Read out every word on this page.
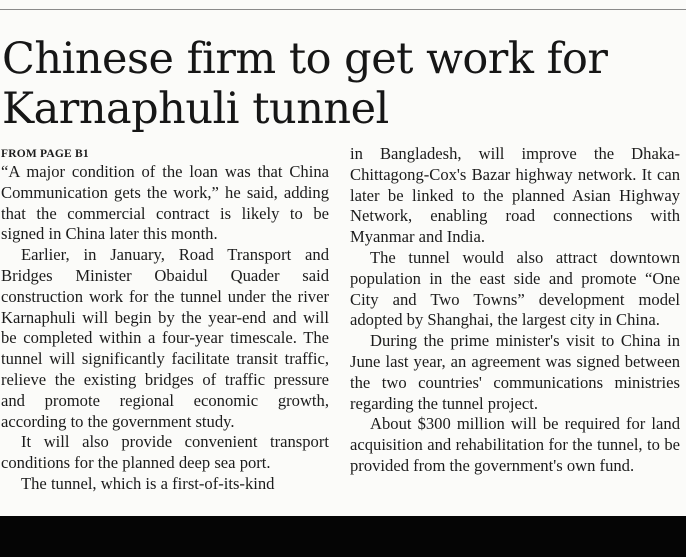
Chinese firm to get work for Karnaphuli tunnel
FROM PAGE B1

“A major condition of the loan was that China Communication gets the work,” he said, adding that the commercial contract is likely to be signed in China later this month.

Earlier, in January, Road Transport and Bridges Minister Obaidul Quader said construction work for the tunnel under the river Karnaphuli will begin by the year-end and will be completed within a four-year timescale. The tunnel will significantly facilitate transit traffic, relieve the existing bridges of traffic pressure and promote regional economic growth, according to the government study.

It will also provide convenient transport conditions for the planned deep sea port.

The tunnel, which is a first-of-its-kind

in Bangladesh, will improve the Dhaka-Chittagong-Cox's Bazar highway network. It can later be linked to the planned Asian Highway Network, enabling road connections with Myanmar and India.

The tunnel would also attract downtown population in the east side and promote “One City and Two Towns” development model adopted by Shanghai, the largest city in China.

During the prime minister's visit to China in June last year, an agreement was signed between the two countries' communications ministries regarding the tunnel project.

About $300 million will be required for land acquisition and rehabilitation for the tunnel, to be provided from the government's own fund.
